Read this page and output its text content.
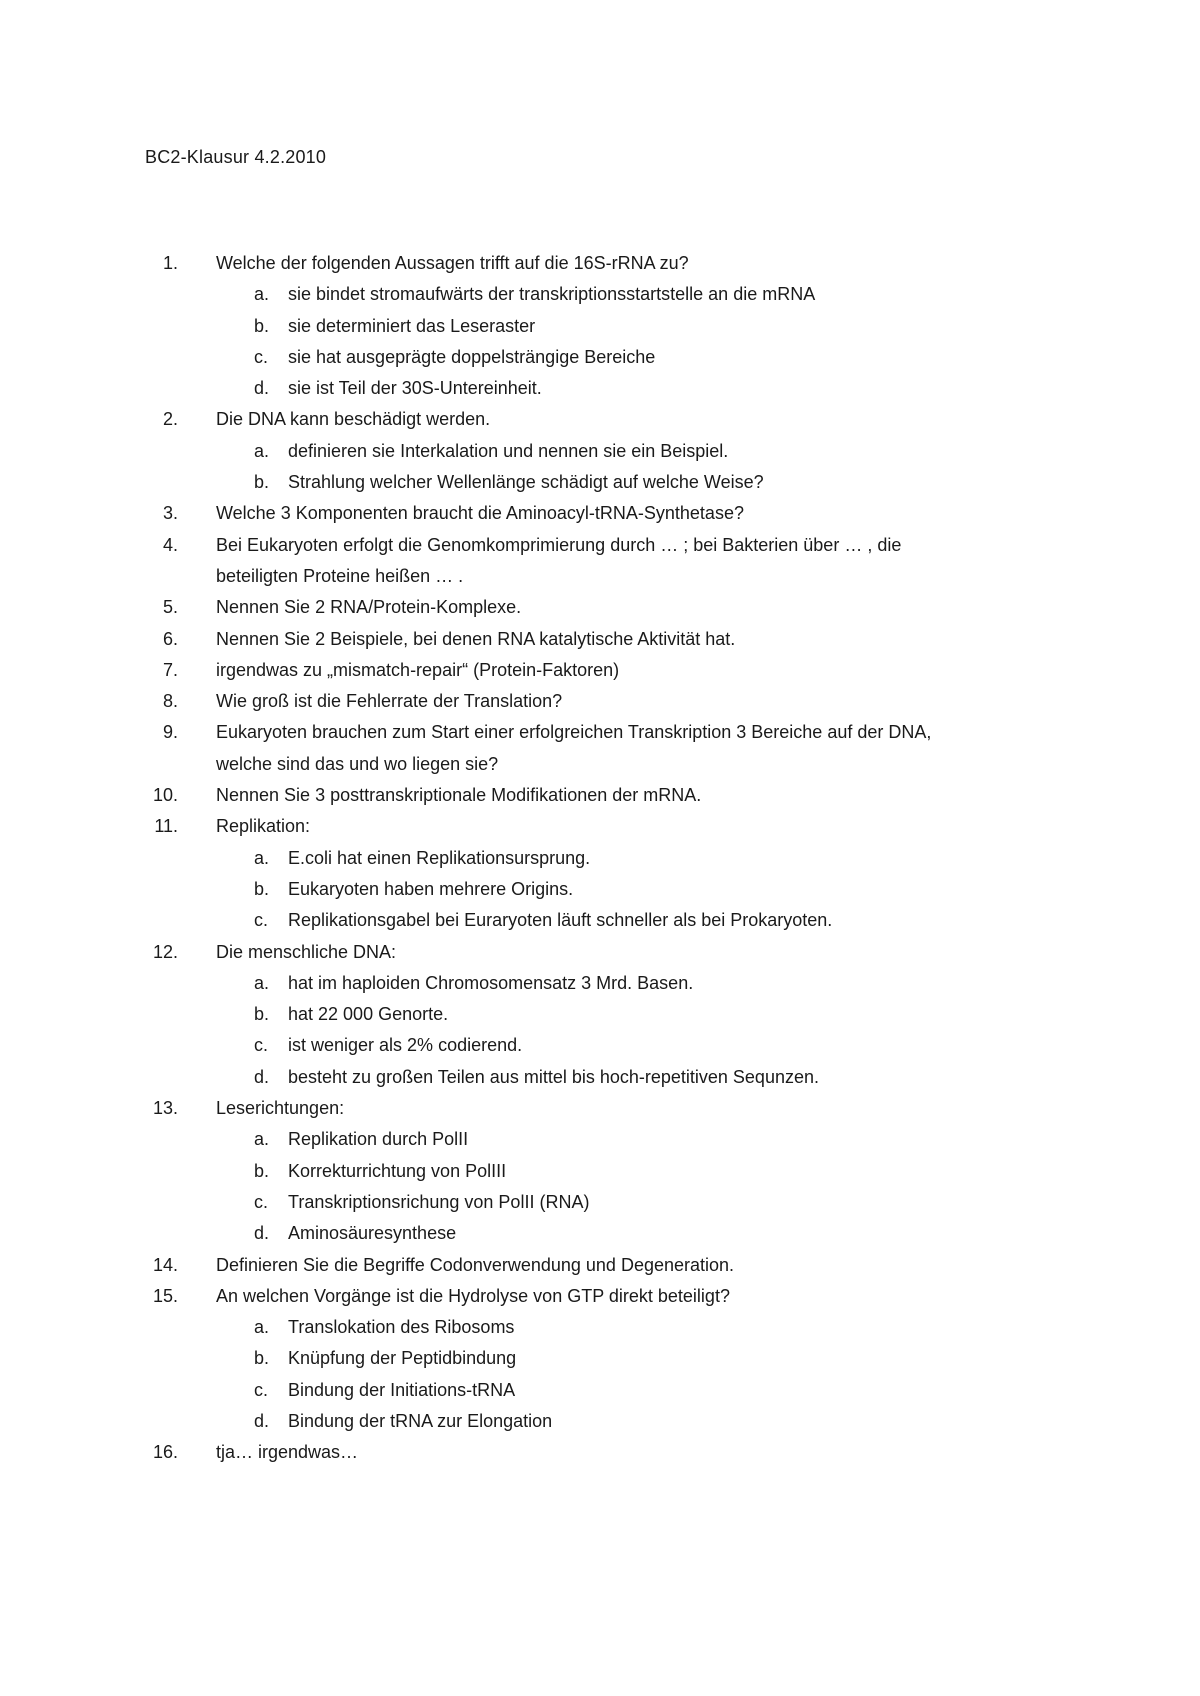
BC2-Klausur 4.2.2010
1. Welche der folgenden Aussagen trifft auf die 16S-rRNA zu?
a. sie bindet stromaufwärts der transkriptionsstartstelle an die mRNA
b. sie determiniert das Leseraster
c. sie hat ausgeprägte doppelsträngige Bereiche
d. sie ist Teil der 30S-Untereinheit.
2. Die DNA kann beschädigt werden.
a. definieren sie Interkalation und nennen sie ein Beispiel.
b. Strahlung welcher Wellenlänge schädigt auf welche Weise?
3. Welche 3 Komponenten braucht die Aminoacyl-tRNA-Synthetase?
4. Bei Eukaryoten erfolgt die Genomkomprimierung durch … ; bei Bakterien über … , die
beteiligten Proteine heißen … .
5. Nennen Sie 2 RNA/Protein-Komplexe.
6. Nennen Sie 2 Beispiele, bei denen RNA katalytische Aktivität hat.
7. irgendwas zu „mismatch-repair“ (Protein-Faktoren)
8. Wie groß ist die Fehlerrate der Translation?
9. Eukaryoten brauchen zum Start einer erfolgreichen Transkription 3 Bereiche auf der DNA,
welche sind das und wo liegen sie?
10. Nennen Sie 3 posttranskriptionale Modifikationen der mRNA.
11. Replikation:
a. E.coli hat einen Replikationsursprung.
b. Eukaryoten haben mehrere Origins.
c. Replikationsgabel bei Euraryoten läuft schneller als bei Prokaryoten.
12. Die menschliche DNA:
a. hat im haploiden Chromosomensatz 3 Mrd. Basen.
b. hat 22 000 Genorte.
c. ist weniger als 2% codierend.
d. besteht zu großen Teilen aus mittel bis hoch-repetitiven Sequnzen.
13. Leserichtungen:
a. Replikation durch PolII
b. Korrekturrichtung von PolIII
c. Transkriptionsrichung von PolII (RNA)
d. Aminosäuresynthese
14. Definieren Sie die Begriffe Codonverwendung und Degeneration.
15. An welchen Vorgänge ist die Hydrolyse von GTP direkt beteiligt?
a. Translokation des Ribosoms
b. Knüpfung der Peptidbindung
c. Bindung der Initiations-tRNA
d. Bindung der tRNA zur Elongation
16. tja… irgendwas…
